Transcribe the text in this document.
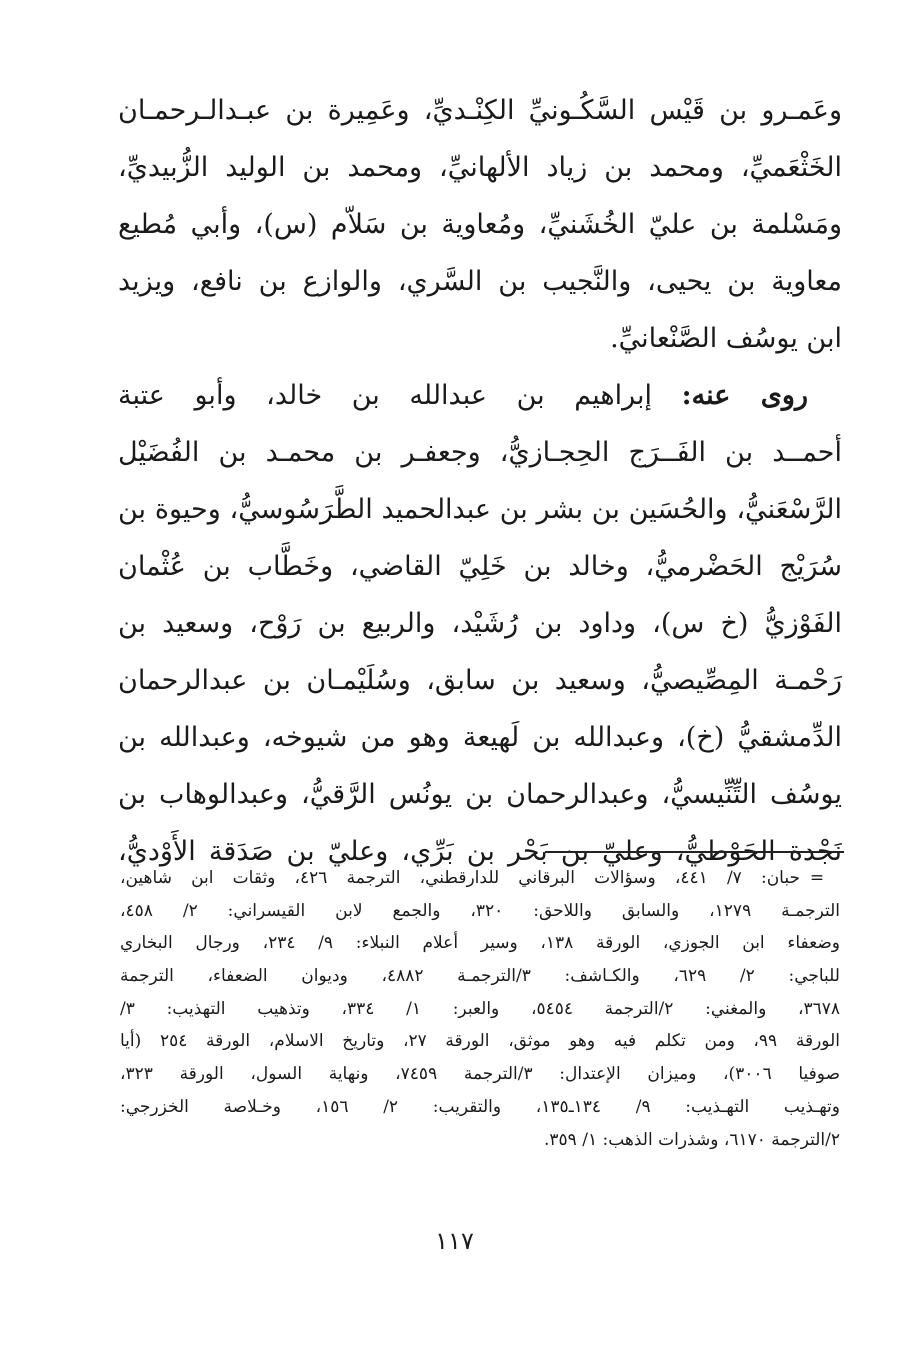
وعَمـرو بن قَيْس السَّكُـونيِّ الكِنْـديِّ، وعَمِيرة بن عبـدالـرحمـان
الخَثْعَميِّ، ومحمد بن زياد الألهانيِّ، ومحمد بن الوليد الزُّبيديِّ،
ومَسْلمة بن عليّ الخُشَنيِّ، ومُعاوية بن سَلاّم (س)، وأبي مُطيع
معاوية بن يحيى، والنَّجيب بن السَّري، والوازع بن نافع، ويزيد
ابن يوسُف الصَّنْعانيِّ.
روى عنه: إبراهيم بن عبدالله بن خالد، وأبو عتبة
أحمــد بن الفَــرَج الحِجـازيُّ، وجعفـر بن محمـد بن الفُضَيْل
الرَّسْعَنيُّ، والحُسَين بن بشر بن عبدالحميد الطَّرَسُوسيُّ، وحيوة بن
سُرَيْج الحَضْرميُّ، وخالد بن خَلِيّ القاضي، وخَطَّاب بن عُثْمان
الفَوْزيُّ (خ س)، وداود بن رُشَيْد، والربيع بن رَوْح، وسعيد بن
رَحْمـة المِصِّيصيُّ، وسعيد بن سابق، وسُلَيْمـان بن عبدالرحمان
الدِّمشقيُّ (خ)، وعبدالله بن لَهيعة وهو من شيوخه، وعبدالله بن
يوسُف التِّنِّيسيُّ، وعبدالرحمان بن يونُس الرَّقيُّ، وعبدالوهاب بن
نَجْدة الحَوْطيُّ، وعليّ بن بَحْر بن بَرِّي، وعليّ بن صَدَقة الأَوْديُّ،
=
حبان: ٧/ ٤٤١، وسؤالات البرقاني للدارقطني، الترجمة ٤٢٦، وثقات ابن شاهين،
الترجمـة ١٢٧٩، والسابق واللاحق: ٣٢٠، والجمع لابن القيسراني: ٢/ ٤٥٨،
وضعفاء ابن الجوزي، الورقة ١٣٨، وسير أعلام النبلاء: ٩/ ٢٣٤، ورجال البخاري
للباجي: ٢/ ٦٢٩، والكـاشف: ٣/الترجمـة ٤٨٨٢، وديوان الضعفاء، الترجمة
٣٦٧٨، والمغني: ٢/الترجمة ٥٤٥٤، والعبر: ١/ ٣٣٤، وتذهيب التهذيب: ٣/
الورقة ٩٩، ومن تكلم فيه وهو موثق، الورقة ٢٧، وتاريخ الاسلام، الورقة ٢٥٤ (أيا
صوفيا ٣٠٠٦)، وميزان الإعتدال: ٣/الترجمة ٧٤٥٩، ونهاية السول، الورقة ٣٢٣،
وتهـذيب التهـذيب: ٩/ ١٣٤ـ١٣٥، والتقريب: ٢/ ١٥٦، وخـلاصة الخزرجي:
٢/الترجمة ٦١٧٠، وشذرات الذهب: ١/ ٣٥٩.
١١٧
